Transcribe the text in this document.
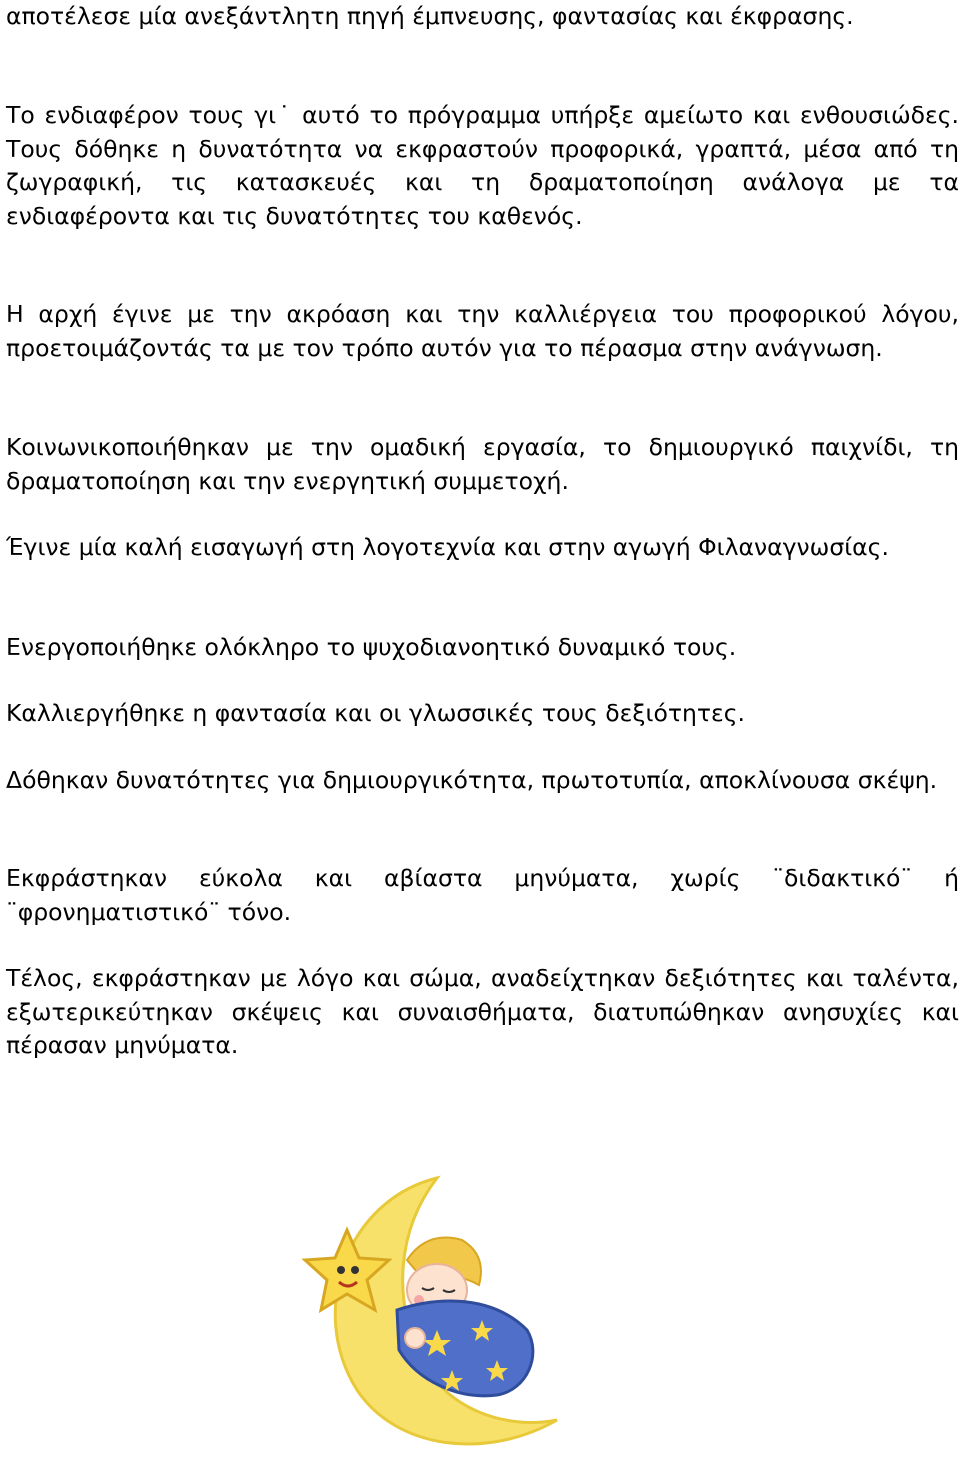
αποτέλεσε μία ανεξάντλητη πηγή έμπνευσης, φαντασίας και έκφρασης.

Το ενδιαφέρον τους γι˙ αυτό το πρόγραμμα υπήρξε αμείωτο και ενθουσιώδες. Τους δόθηκε η δυνατότητα να εκφραστούν προφορικά, γραπτά, μέσα από τη ζωγραφική, τις κατασκευές και τη δραματοποίηση ανάλογα με τα ενδιαφέροντα και τις δυνατότητες του καθενός.

Η αρχή έγινε με την ακρόαση και την καλλιέργεια του προφορικού λόγου, προετοιμάζοντάς τα με τον τρόπο αυτόν για το πέρασμα στην ανάγνωση.

Κοινωνικοποιήθηκαν με την ομαδική εργασία, το δημιουργικό παιχνίδι, τη δραματοποίηση και την ενεργητική συμμετοχή.

Έγινε μία καλή εισαγωγή στη λογοτεχνία και στην αγωγή Φιλαναγνωσίας.

Ενεργοποιήθηκε ολόκληρο το ψυχοδιανοητικό δυναμικό τους.

Καλλιεργήθηκε η φαντασία και οι γλωσσικές τους δεξιότητες.

Δόθηκαν δυνατότητες για δημιουργικότητα, πρωτοτυπία, αποκλίνουσα σκέψη.

Εκφράστηκαν εύκολα και αβίαστα μηνύματα, χωρίς ¨διδακτικό¨ ή ¨φρονηματιστικό¨ τόνο.

Τέλος, εκφράστηκαν με λόγο και σώμα, αναδείχτηκαν δεξιότητες και ταλέντα, εξωτερικεύτηκαν σκέψεις και συναισθήματα, διατυπώθηκαν ανησυχίες και πέρασαν μηνύματα.
